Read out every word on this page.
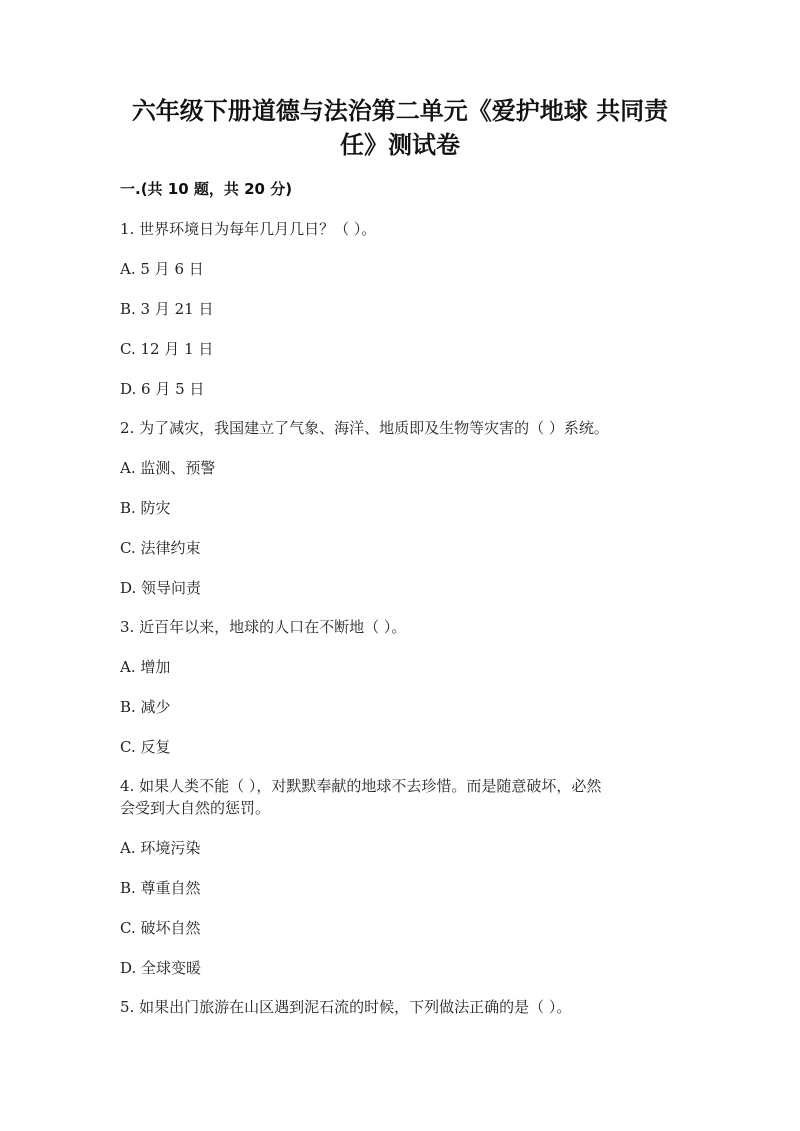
六年级下册道德与法治第二单元《爱护地球 共同责
任》测试卷
一.(共 10 题，共 20 分)
1. 世界环境日为每年几月几日？（ ）。
A. 5 月 6 日
B. 3 月 21 日
C. 12 月 1 日
D. 6 月 5 日
2. 为了减灾，我国建立了气象、海洋、地质即及生物等灾害的（ ）系统。
A. 监测、预警
B. 防灾
C. 法律约束
D. 领导问责
3. 近百年以来，地球的人口在不断地（ ）。
A. 增加
B. 减少
C. 反复
4. 如果人类不能（ ），对默默奉献的地球不去珍惜。而是随意破坏，必然
会受到大自然的惩罚。
A. 环境污染
B. 尊重自然
C. 破坏自然
D. 全球变暖
5. 如果出门旅游在山区遇到泥石流的时候，下列做法正确的是（ ）。
